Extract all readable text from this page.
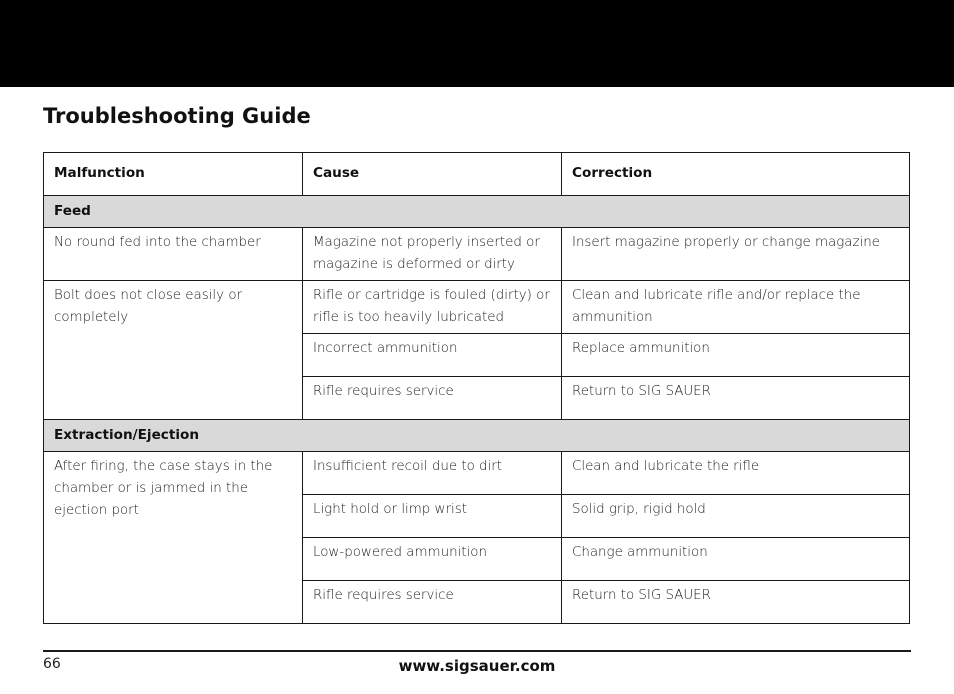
Troubleshooting Guide
Malfunction	Cause	Correction
Feed		
No round fed into the chamber	Magazine not properly inserted or magazine is deformed or dirty	Insert magazine properly or change magazine
Bolt does not close easily or completely	Rifle or cartridge is fouled (dirty) or rifle is too heavily lubricated	Clean and lubricate rifle and/or replace the ammunition
	Incorrect ammunition	Replace ammunition
	Rifle requires service	Return to SIG SAUER
Extraction/Ejection		
After firing, the case stays in the chamber or is jammed in the ejection port	Insufficient recoil due to dirt	Clean and lubricate the rifle
	Light hold or limp wrist	Solid grip, rigid hold
	Low-powered ammunition	Change ammunition
	Rifle requires service	Return to SIG SAUER
66	www.sigsauer.com
